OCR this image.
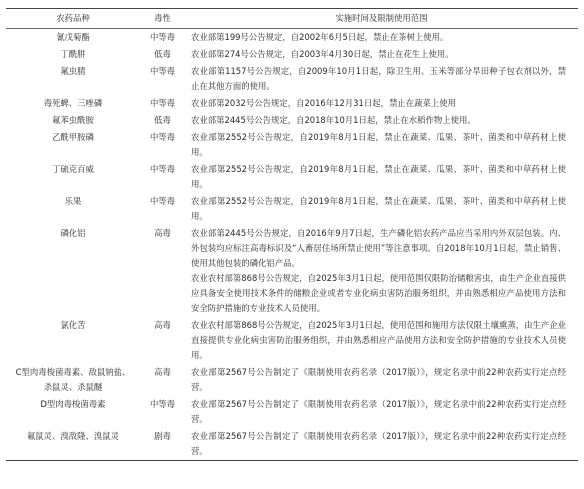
农药品种	毒性	实施时间及限制使用范围
氰戊菊酯	中等毒	农业部第199号公告规定，自2002年6月5日起，禁止在茶树上使用。

丁酰肼	低毒	农业部第274号公告规定，自2003年4月30日起，禁止在花生上使用。

氟虫腈	中等毒	农业部第1157号公告规定，自2009年10月1日起，除卫生用、玉米等部分旱田种子包衣剂以外，禁止在其他方面的使用。

毒死蜱、三唑磷	中等毒	农业部第2032号公告规定，自2016年12月31日起，禁止在蔬菜上使用

氟苯虫酰胺	低毒	农业部第2445号公告规定，自2018年10月1日起，禁止在水稻作物上使用。

乙酰甲胺磷	中等毒	农业部第2552号公告规定，自2019年8月1日起，禁止在蔬菜、瓜果、茶叶、菌类和中草药材上使用。

丁硫克百威	中等毒	农业部第2552号公告规定，自2019年8月1日起，禁止在蔬菜、瓜果、茶叶、菌类和中草药材上使用。

乐果	中等毒	农业部第2552号公告规定，自2019年8月1日起，禁止在蔬菜、瓜果、茶叶、菌类和中草药材上使用。

磷化铝	高毒	农业部第2445号公告规定，自2016年9月7日起，生产磷化铝农药产品应当采用内外双层包装。内、外包装均应标注高毒标识及“人畜居住场所禁止使用”等注意事项。自2018年10月1日起，禁止销售、使用其他包装的磷化铝产品。
农业农村部第868号公告规定，自2025年3月1日起，使用范围仅限防治储粮害虫，由生产企业直接供应具备安全使用技术条件的储粮企业或者专业化病虫害防治服务组织，并由熟悉相应产品使用方法和安全防护措施的专业技术人员使用。

氯化苦	高毒	农业农村部第868号公告规定，自2025年3月1日起，使用范围和施用方法仅限土壤熏蒸，由生产企业直接提供专业化病虫害防治服务组织，并由熟悉相应产品使用方法和安全防护措施的专业技术人员使用。

C型肉毒梭菌毒素、敌鼠钠盐、杀鼠灵、杀鼠醚	高毒	农业部第2567号公告制定了《限制使用农药名录（2017版）》，规定名录中前22种农药实行定点经营。

D型肉毒梭菌毒素	中等毒	农业部第2567号公告制定了《限制使用农药名录（2017版）》，规定名录中前22种农药实行定点经营。

氟鼠灵、溴敌隆、溴鼠灵	剧毒	农业部第2567号公告制定了《限制使用农药名录（2017版）》，规定名录中前22种农药实行定点经营。
